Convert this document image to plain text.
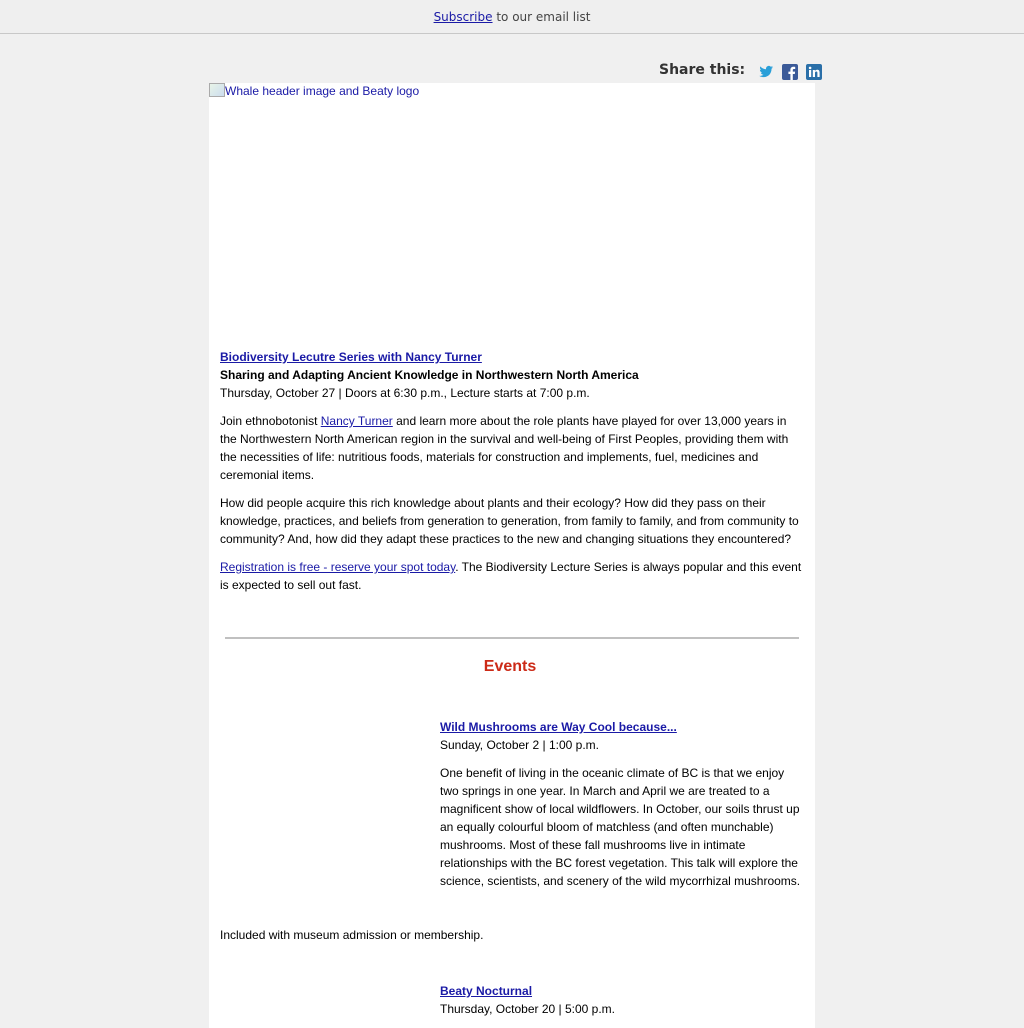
Subscribe to our email list
Share this:
Whale header image and Beaty logo
Biodiversity Lecutre Series with Nancy Turner
Sharing and Adapting Ancient Knowledge in Northwestern North America
Thursday, October 27 | Doors at 6:30 p.m., Lecture starts at 7:00 p.m.

Join ethnobotonist Nancy Turner and learn more about the role plants have played for over 13,000 years in the Northwestern North American region in the survival and well-being of First Peoples, providing them with the necessities of life: nutritious foods, materials for construction and implements, fuel, medicines and ceremonial items.

How did people acquire this rich knowledge about plants and their ecology? How did they pass on their knowledge, practices, and beliefs from generation to generation, from family to family, and from community to community? And, how did they adapt these practices to the new and changing situations they encountered?

Registration is free - reserve your spot today. The Biodiversity Lecture Series is always popular and this event is expected to sell out fast.

Events
Wild Mushrooms are Way Cool because...
Sunday, October 2 | 1:00 p.m.

One benefit of living in the oceanic climate of BC is that we enjoy two springs in one year. In March and April we are treated to a magnificent show of local wildflowers. In October, our soils thrust up an equally colourful bloom of matchless (and often munchable) mushrooms. Most of these fall mushrooms live in intimate relationships with the BC forest vegetation. This talk will explore the science, scientists, and scenery of the wild mycorrhizal mushrooms.

Included with museum admission or membership.
Beaty Nocturnal
Thursday, October 20 | 5:00 p.m.
